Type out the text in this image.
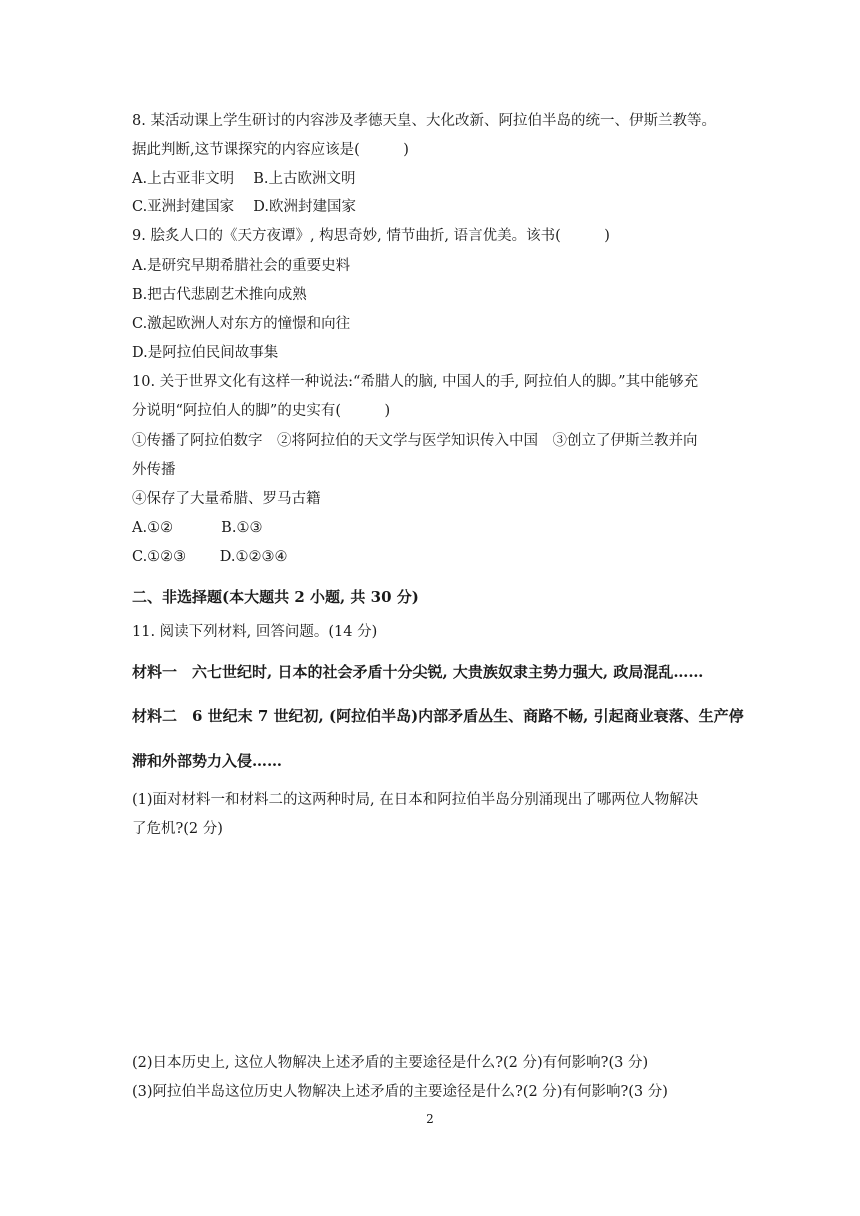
8. 某活动课上学生研讨的内容涉及孝德天皇、大化改新、阿拉伯半岛的统一、伊斯兰教等。

据此判断,这节课探究的内容应该是(　　　)

A.上古亚非文明　 B.上古欧洲文明

C.亚洲封建国家　 D.欧洲封建国家

9. 脍炙人口的《天方夜谭》, 构思奇妙, 情节曲折, 语言优美。该书(　　　)

A.是研究早期希腊社会的重要史料

B.把古代悲剧艺术推向成熟

C.激起欧洲人对东方的憧憬和向往

D.是阿拉伯民间故事集

10. 关于世界文化有这样一种说法:“希腊人的脑, 中国人的手, 阿拉伯人的脚。”其中能够充

分说明“阿拉伯人的脚”的史实有(　　　)

①传播了阿拉伯数字　②将阿拉伯的天文学与医学知识传入中国　③创立了伊斯兰教并向

外传播

④保存了大量希腊、罗马古籍

A.①②　　　 B.①③

C.①②③　　 D.①②③④

二、非选择题(本大题共 2 小题, 共 30 分)

11. 阅读下列材料, 回答问题。(14 分)

材料一　六七世纪时, 日本的社会矛盾十分尖锐, 大贵族奴隶主势力强大, 政局混乱……

材料二　6 世纪末 7 世纪初, (阿拉伯半岛)内部矛盾丛生、商路不畅, 引起商业衰落、生产停

滞和外部势力入侵……

(1)面对材料一和材料二的这两种时局, 在日本和阿拉伯半岛分别涌现出了哪两位人物解决

了危机?(2 分)

(2)日本历史上, 这位人物解决上述矛盾的主要途径是什么?(2 分)有何影响?(3 分)

(3)阿拉伯半岛这位历史人物解决上述矛盾的主要途径是什么?(2 分)有何影响?(3 分)

2
